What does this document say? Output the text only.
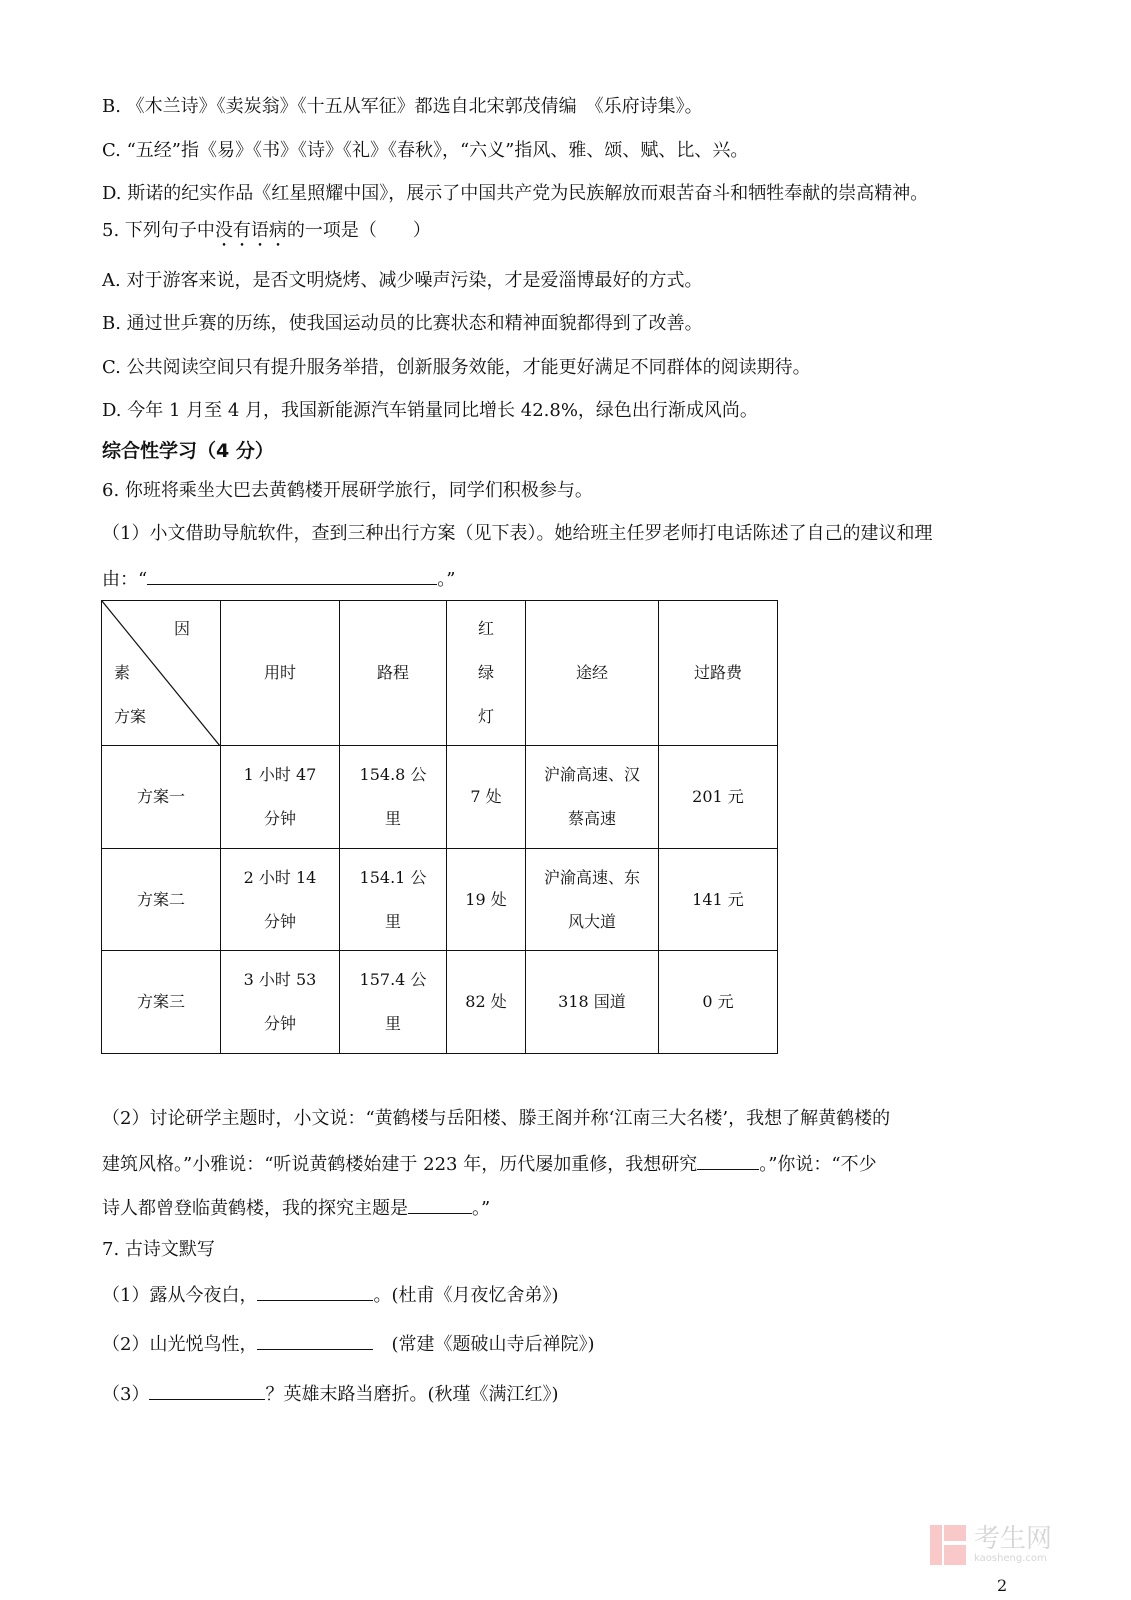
B. 《木兰诗》《卖炭翁》《十五从军征》都选自北宋郭茂倩编　《乐府诗集》。
C. “五经”指《易》《书》《诗》《礼》《春秋》，“六义”指风、雅、颂、赋、比、兴。
D. 斯诺的纪实作品《红星照耀中国》，展示了中国共产党为民族解放而艰苦奋斗和牺牲奉献的崇高精神。
5. 下列句子中没有语病的一项是（　　）
A. 对于游客来说，是否文明烧烤、减少噪声污染，才是爱淄博最好的方式。
B. 通过世乒赛的历练，使我国运动员的比赛状态和精神面貌都得到了改善。
C. 公共阅读空间只有提升服务举措，创新服务效能，才能更好满足不同群体的阅读期待。
D. 今年 1 月至 4 月，我国新能源汽车销量同比增长 42.8%，绿色出行渐成风尚。
综合性学习（4 分）
6. 你班将乘坐大巴去黄鹤楼开展研学旅行，同学们积极参与。
（1）小文借助导航软件，查到三种出行方案（见下表）。她给班主任罗老师打电话陈述了自己的建议和理
由：“	。”
因
素
方案	用时	路程	红绿灯	途经	过路费
方案一	1 小时 47 分钟	154.8 公里	7 处	沪渝高速、汉蔡高速	201 元
方案二	2 小时 14 分钟	154.1 公里	19 处	沪渝高速、东风大道	141 元
方案三	3 小时 53 分钟	157.4 公里	82 处	318 国道	0 元
（2）讨论研学主题时，小文说：“黄鹤楼与岳阳楼、滕王阁并称‘江南三大名楼’，我想了解黄鹤楼的
建筑风格。”小雅说：“听说黄鹤楼始建于 223 年，历代屡加重修，我想研究	。”你说：“不少
诗人都曾登临黄鹤楼，我的探究主题是	。”
7. 古诗文默写
（1）露从今夜白，	。(杜甫《月夜忆舍弟》)
（2）山光悦鸟性，	　(常建《题破山寺后禅院》)
（3）	？英雄末路当磨折。(秋瑾《满江红》)
考生网
kaosheng.com
2
